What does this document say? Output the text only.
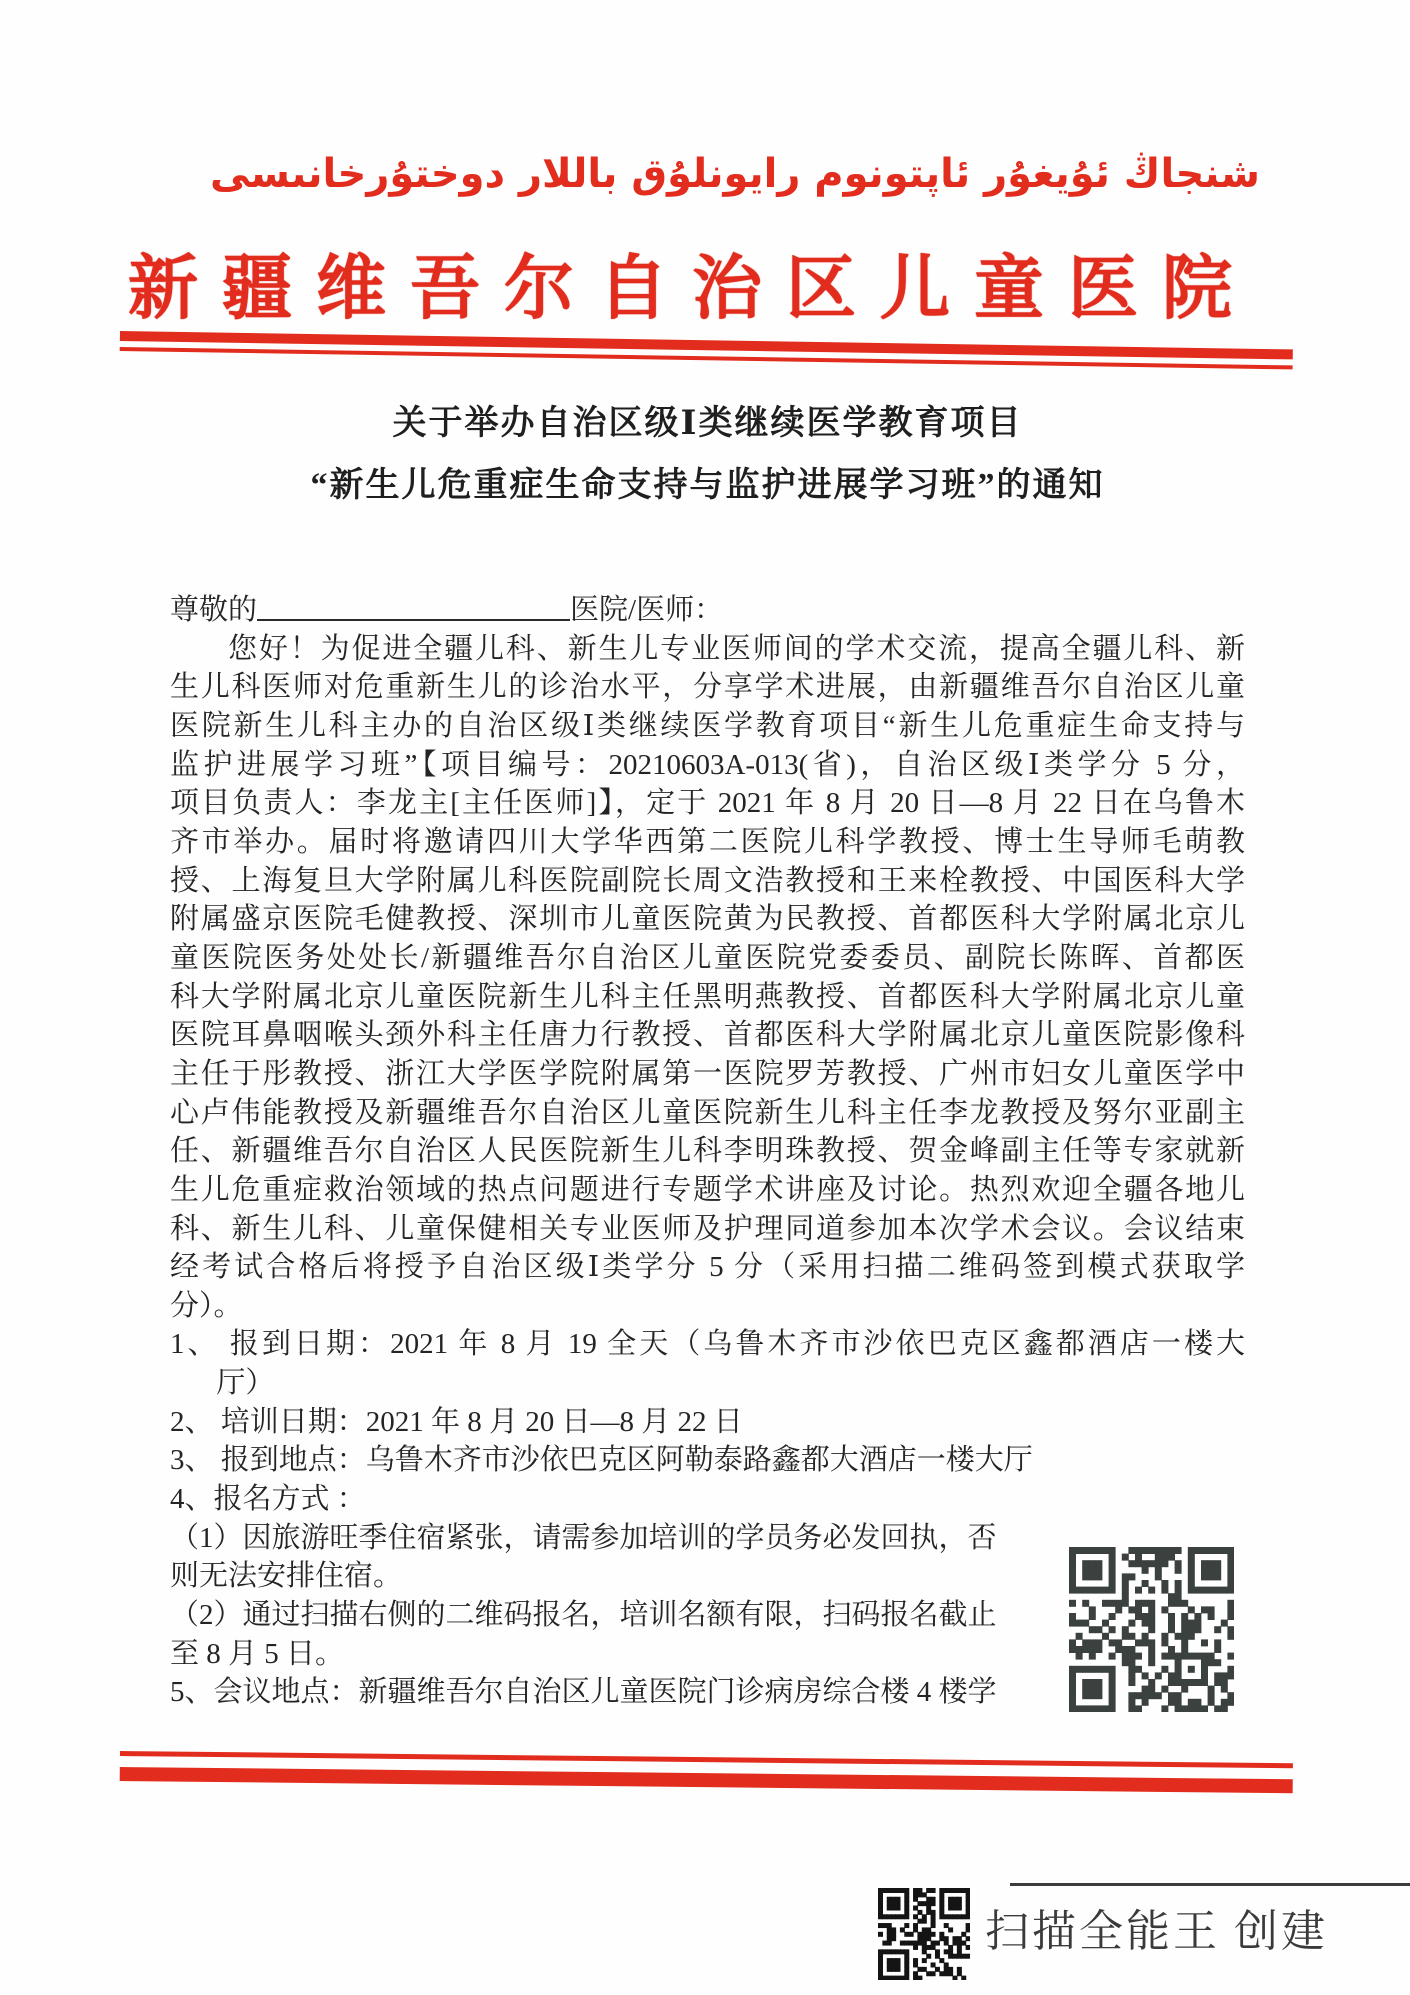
شنجاڭ ئۇيغۇر ئاپتونوم رايونلۇق باللار دوختۇرخانىسى
新疆维吾尔自治区儿童医院
关于举办自治区级Ⅰ类继续医学教育项目
“新生儿危重症生命支持与监护进展学习班”的通知
尊敬的	医院/医师：
您好！为促进全疆儿科、新生儿专业医师间的学术交流，提高全疆儿科、新
生儿科医师对危重新生儿的诊治水平，分享学术进展，由新疆维吾尔自治区儿童
医院新生儿科主办的自治区级Ⅰ类继续医学教育项目“新生儿危重症生命支持与
监护进展学习班”【项目编号：20210603A-013(省)，自治区级Ⅰ类学分 5 分，
项目负责人：李龙主[主任医师]】，定于 2021 年 8 月 20 日—8 月 22 日在乌鲁木
齐市举办。届时将邀请四川大学华西第二医院儿科学教授、博士生导师毛萌教
授、上海复旦大学附属儿科医院副院长周文浩教授和王来栓教授、中国医科大学
附属盛京医院毛健教授、深圳市儿童医院黄为民教授、首都医科大学附属北京儿
童医院医务处处长/新疆维吾尔自治区儿童医院党委委员、副院长陈晖、首都医
科大学附属北京儿童医院新生儿科主任黑明燕教授、首都医科大学附属北京儿童
医院耳鼻咽喉头颈外科主任唐力行教授、首都医科大学附属北京儿童医院影像科
主任于彤教授、浙江大学医学院附属第一医院罗芳教授、广州市妇女儿童医学中
心卢伟能教授及新疆维吾尔自治区儿童医院新生儿科主任李龙教授及努尔亚副主
任、新疆维吾尔自治区人民医院新生儿科李明珠教授、贺金峰副主任等专家就新
生儿危重症救治领域的热点问题进行专题学术讲座及讨论。热烈欢迎全疆各地儿
科、新生儿科、儿童保健相关专业医师及护理同道参加本次学术会议。会议结束
经考试合格后将授予自治区级Ⅰ类学分 5 分（采用扫描二维码签到模式获取学
分）。
1、 报到日期：2021 年 8 月 19 全天（乌鲁木齐市沙依巴克区鑫都酒店一楼大
厅）
2、 培训日期：2021 年 8 月 20 日—8 月 22 日
3、 报到地点：乌鲁木齐市沙依巴克区阿勒泰路鑫都大酒店一楼大厅
4、报名方式 ：
（1）因旅游旺季住宿紧张，请需参加培训的学员务必发回执，否
则无法安排住宿。
（2）通过扫描右侧的二维码报名，培训名额有限，扫码报名截止
至 8 月 5 日。
5、会议地点：新疆维吾尔自治区儿童医院门诊病房综合楼 4 楼学
扫描全能王 创建
